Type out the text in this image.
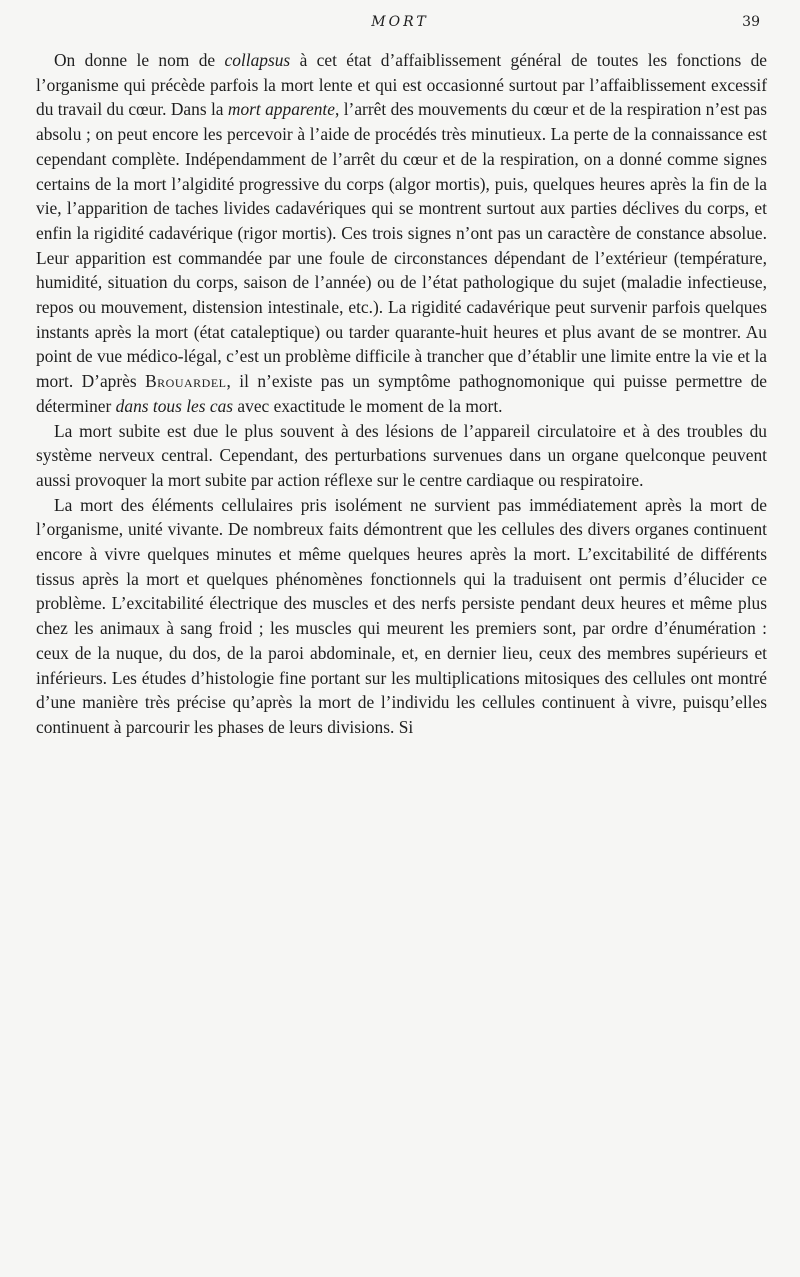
MORT	39

On donne le nom de collapsus à cet état d’affaiblissement général de toutes les fonctions de l’organisme qui précède parfois la mort lente et qui est occasionné surtout par l’affaiblissement excessif du travail du cœur. Dans la mort apparente, l’arrêt des mouvements du cœur et de la respiration n’est pas absolu ; on peut encore les percevoir à l’aide de procédés très minutieux. La perte de la connaissance est cependant complète. Indépendamment de l’arrêt du cœur et de la respiration, on a donné comme signes certains de la mort l’algidité progressive du corps (algor mortis), puis, quelques heures après la fin de la vie, l’apparition de taches livides cadavériques qui se montrent surtout aux parties déclives du corps, et enfin la rigidité cadavérique (rigor mortis). Ces trois signes n’ont pas un caractère de constance absolue. Leur apparition est commandée par une foule de circonstances dépendant de l’extérieur (température, humidité, situation du corps, saison de l’année) ou de l’état pathologique du sujet (maladie infectieuse, repos ou mouvement, distension intestinale, etc.). La rigidité cadavérique peut survenir parfois quelques instants après la mort (état cataleptique) ou tarder quarante-huit heures et plus avant de se montrer. Au point de vue médico-légal, c’est un problème difficile à trancher que d’établir une limite entre la vie et la mort. D’après Brouardel, il n’existe pas un symptôme pathognomonique qui puisse permettre de déterminer dans tous les cas avec exactitude le moment de la mort.

La mort subite est due le plus souvent à des lésions de l’appareil circulatoire et à des troubles du système nerveux central. Cependant, des perturbations survenues dans un organe quelconque peuvent aussi provoquer la mort subite par action réflexe sur le centre cardiaque ou respiratoire.

La mort des éléments cellulaires pris isolément ne survient pas immédiatement après la mort de l’organisme, unité vivante. De nombreux faits démontrent que les cellules des divers organes continuent encore à vivre quelques minutes et même quelques heures après la mort. L’excitabilité de différents tissus après la mort et quelques phénomènes fonctionnels qui la traduisent ont permis d’élucider ce problème. L’excitabilité électrique des muscles et des nerfs persiste pendant deux heures et même plus chez les animaux à sang froid ; les muscles qui meurent les premiers sont, par ordre d’énumération : ceux de la nuque, du dos, de la paroi abdominale, et, en dernier lieu, ceux des membres supérieurs et inférieurs. Les études d’histologie fine portant sur les multiplications mitosiques des cellules ont montré d’une manière très précise qu’après la mort de l’individu les cellules continuent à vivre, puisqu’elles continuent à parcourir les phases de leurs divisions. Si
